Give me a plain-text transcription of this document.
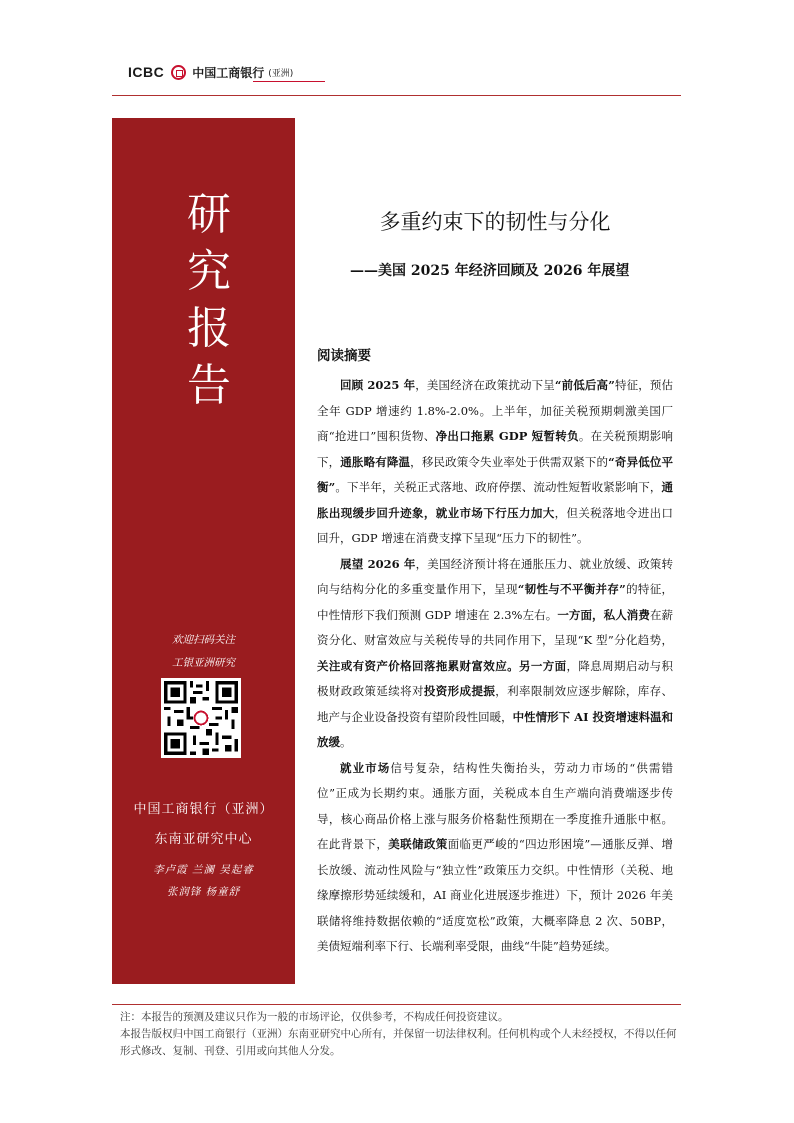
ICBC 中国工商银行 (亚洲)
研
究
报
告
欢迎扫码关注
工银亚洲研究
中国工商银行（亚洲）
东南亚研究中心
李卢霞 兰澜 吴起睿
张润锋 杨童舒
多重约束下的韧性与分化
——美国 2025 年经济回顾及 2026 年展望
阅读摘要

回顾 2025 年，美国经济在政策扰动下呈“前低后高”特征，预估全年 GDP 增速约 1.8%-2.0%。上半年，加征关税预期刺激美国厂商“抢进口”囤积货物、净出口拖累 GDP 短暂转负。在关税预期影响下，通胀略有降温，移民政策令失业率处于供需双紧下的“奇异低位平衡”。下半年，关税正式落地、政府停摆、流动性短暂收紧影响下，通胀出现缓步回升迹象，就业市场下行压力加大，但关税落地令进出口回升，GDP 增速在消费支撑下呈现“压力下的韧性”。

展望 2026 年，美国经济预计将在通胀压力、就业放缓、政策转向与结构分化的多重变量作用下，呈现“韧性与不平衡并存”的特征，中性情形下我们预测 GDP 增速在 2.3%左右。一方面，私人消费在薪资分化、财富效应与关税传导的共同作用下，呈现“K 型”分化趋势，关注或有资产价格回落拖累财富效应。另一方面，降息周期启动与积极财政政策延续将对投资形成提振，利率限制效应逐步解除，库存、地产与企业设备投资有望阶段性回暖，中性情形下 AI 投资增速料温和放缓。

就业市场信号复杂，结构性失衡抬头，劳动力市场的“供需错位”正成为长期约束。通胀方面，关税成本自生产端向消费端逐步传导，核心商品价格上涨与服务价格黏性预期在一季度推升通胀中枢。在此背景下，美联储政策面临更严峻的“四边形困境”—通胀反弹、增长放缓、流动性风险与“独立性”政策压力交织。中性情形（关税、地缘摩擦形势延续缓和，AI 商业化进展逐步推进）下，预计 2026 年美联储将维持数据依赖的“适度宽松”政策，大概率降息 2 次、50BP，美债短端利率下行、长端利率受限，曲线“牛陡”趋势延续。

注：本报告的预测及建议只作为一般的市场评论，仅供参考，不构成任何投资建议。
本报告版权归中国工商银行（亚洲）东南亚研究中心所有，并保留一切法律权利。任何机构或个人未经授权，不得以任何形式修改、复制、刊登、引用或向其他人分发。
